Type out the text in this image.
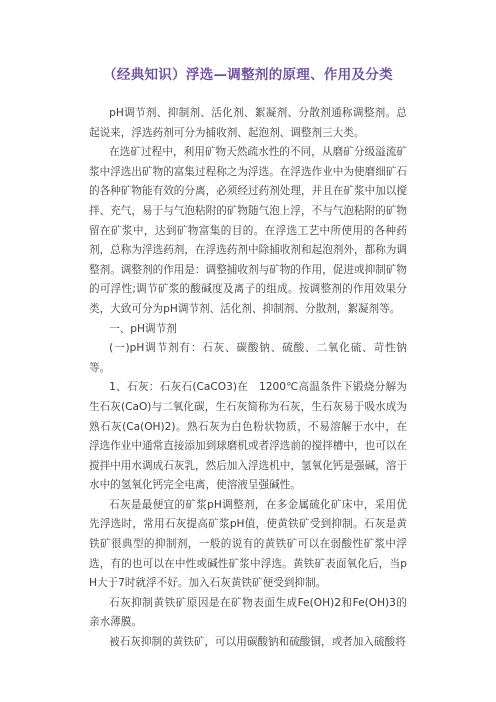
（经典知识）浮选—调整剂的原理、作用及分类

pH调节剂、抑制剂、活化剂、絮凝剂、分散剂通称调整剂。总起说来，浮选药剂可分为捕收剂、起泡剂、调整剂三大类。

在选矿过程中，利用矿物天然疏水性的不同，从磨矿分级溢流矿浆中浮选出矿物的富集过程称之为浮选。在浮选作业中为使磨细矿石的各种矿物能有效的分离，必须经过药剂处理，并且在矿浆中加以搅拌、充气，易于与气泡粘附的矿物随气泡上浮，不与气泡粘附的矿物留在矿浆中，达到矿物富集的目的。在浮选工艺中所使用的各种药剂，总称为浮选药剂，在浮选药剂中除捕收剂和起泡剂外，都称为调整剂。调整剂的作用是：调整捕收剂与矿物的作用，促进或抑制矿物的可浮性;调节矿浆的酸碱度及离子的组成。按调整剂的作用效果分类，大致可分为pH调节剂、活化剂、抑制剂、分散剂，絮凝剂等。

一、pH调节剂

(一)pH调节剂有：石灰、碳酸钠、硫酸、二氧化硫、苛性钠等。

1、石灰：石灰石(CaCO3)在　1200℃高温条件下锻烧分解为生石灰(CaO)与二氧化碳，生石灰简称为石灰，生石灰易于吸水成为熟石灰(Ca(OH)2)。熟石灰为白色粉状物质，不易溶解于水中，在浮选作业中通常直接添加到球磨机或者浮选前的搅拌槽中，也可以在搅拌中用水调成石灰乳，然后加入浮选机中，氢氧化钙是强碱，溶于水中的氢氧化钙完全电离，使溶液呈强碱性。

石灰是最便宜的矿浆pH调整剂，在多金属硫化矿床中，采用优先浮选时，常用石灰提高矿浆pH值，使黄铁矿受到抑制。石灰是黄铁矿很典型的抑制剂，一般的说有的黄铁矿可以在弱酸性矿浆中浮选，有的也可以在中性或碱性矿浆中浮选。黄铁矿表面氧化后，当pH大于7时就浮不好。加入石灰黄铁矿便受到抑制。

石灰抑制黄铁矿原因是在矿物表面生成Fe(OH)2和Fe(OH)3的亲水薄膜。

被石灰抑制的黄铁矿，可以用碳酸钠和硫酸铜，或者加入硫酸将
